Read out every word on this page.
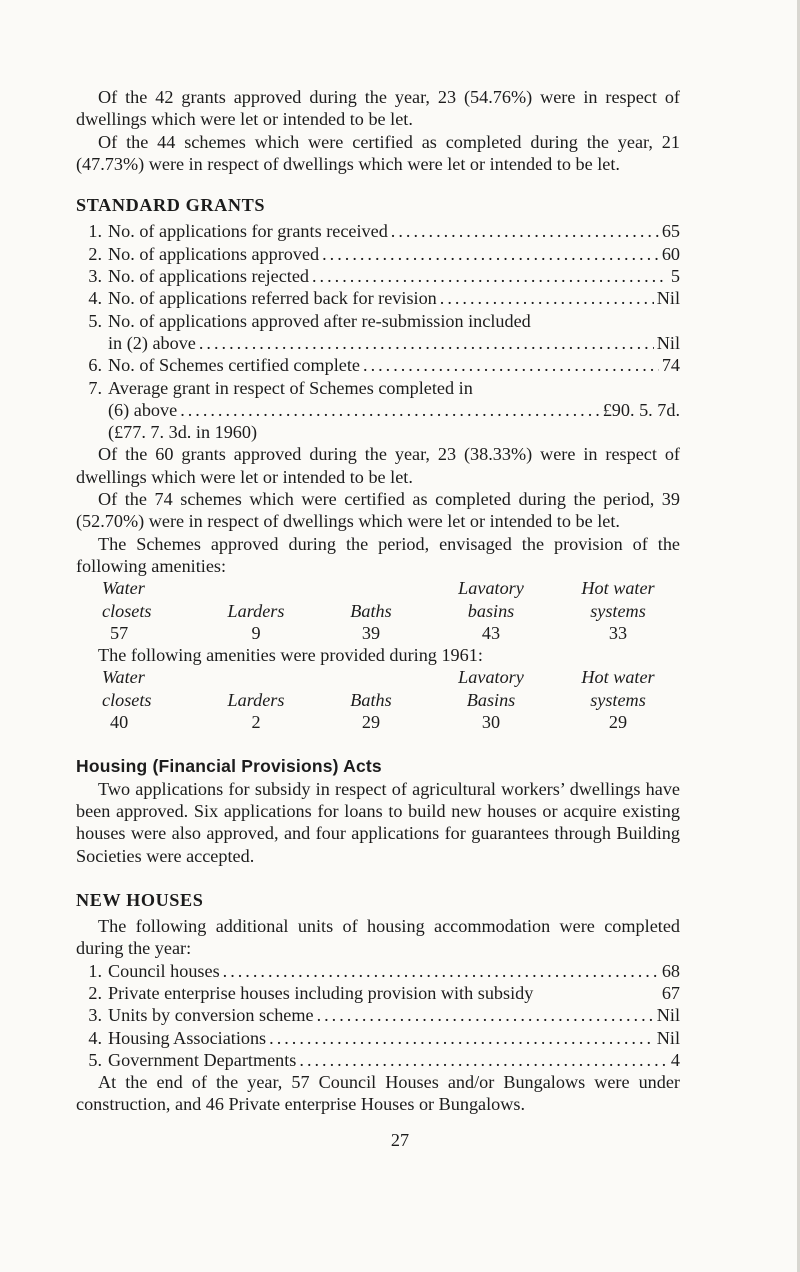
Of the 42 grants approved during the year, 23 (54.76%) were in respect of dwellings which were let or intended to be let.

Of the 44 schemes which were certified as completed during the year, 21 (47.73%) were in respect of dwellings which were let or intended to be let.

STANDARD GRANTS
1. No. of applications for grants received .....	65
2. No. of applications approved .....	60
3. No. of applications rejected .....	5
4. No. of applications referred back for revision .....	Nil
5. No. of applications approved after re-submission included
in (2) above .....	Nil
6. No. of Schemes certified complete .....	74
7. Average grant in respect of Schemes completed in
(6) above .....	£90. 5. 7d.
(£77. 7. 3d. in 1960)

Of the 60 grants approved during the year, 23 (38.33%) were in respect of dwellings which were let or intended to be let.

Of the 74 schemes which were certified as completed during the period, 39 (52.70%) were in respect of dwellings which were let or intended to be let.

The Schemes approved during the period, envisaged the provision of the following amenities:

Water			Lavatory	Hot water
closets	Larders	Baths	basins	systems
57	9	39	43	33

The following amenities were provided during 1961:

Water			Lavatory	Hot water
closets	Larders	Baths	Basins	systems
40	2	29	30	29
Housing (Financial Provisions) Acts

Two applications for subsidy in respect of agricultural workers’ dwellings have been approved. Six applications for loans to build new houses or acquire existing houses were also approved, and four applications for guarantees through Building Societies were accepted.

NEW HOUSES

The following additional units of housing accommodation were completed during the year:

1. Council houses .....	68
2. Private enterprise houses including provision with subsidy	67
3. Units by conversion scheme .....	Nil
4. Housing Associations .....	Nil
5. Government Departments .....	4

At the end of the year, 57 Council Houses and/or Bungalows were under construction, and 46 Private enterprise Houses or Bungalows.

27
